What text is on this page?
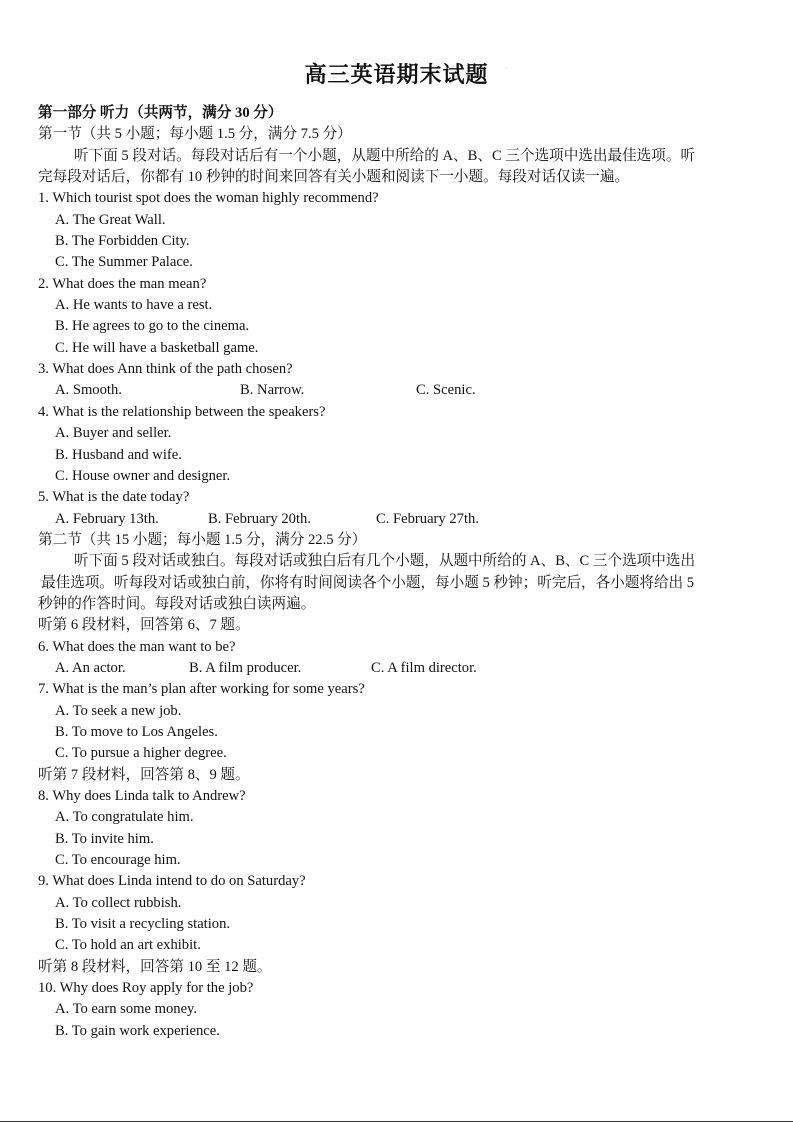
高三英语期末试题	·
第一部分 听力（共两节，满分 30 分）
第一节（共 5 小题；每小题 1.5 分，满分 7.5 分）
听下面 5 段对话。每段对话后有一个小题，从题中所给的 A、B、C 三个选项中选出最佳选项。听
完每段对话后，你都有 10 秒钟的时间来回答有关小题和阅读下一小题。每段对话仅读一遍。
1. Which tourist spot does the woman highly recommend?
A. The Great Wall.
B. The Forbidden City.
C. The Summer Palace.
2. What does the man mean?
A. He wants to have a rest.
B. He agrees to go to the cinema.
C. He will have a basketball game.
3. What does Ann think of the path chosen?
A. Smooth.	B. Narrow.	C. Scenic.
4. What is the relationship between the speakers?
A. Buyer and seller.
B. Husband and wife.
C. House owner and designer.
5. What is the date today?
A. February 13th.	B. February 20th.	C. February 27th.
第二节（共 15 小题；每小题 1.5 分，满分 22.5 分）
听下面 5 段对话或独白。每段对话或独白后有几个小题，从题中所给的 A、B、C 三个选项中选出
最佳选项。听每段对话或独白前，你将有时间阅读各个小题，每小题 5 秒钟；听完后，各小题将给出 5
秒钟的作答时间。每段对话或独白读两遍。
听第 6 段材料，回答第 6、7 题。
6. What does the man want to be?
A. An actor.	B. A film producer.	C. A film director.
7. What is the man’s plan after working for some years?
A. To seek a new job.
B. To move to Los Angeles.
C. To pursue a higher degree.
听第 7 段材料，回答第 8、9 题。
8. Why does Linda talk to Andrew?
A. To congratulate him.
B. To invite him.
C. To encourage him.
9. What does Linda intend to do on Saturday?
A. To collect rubbish.
B. To visit a recycling station.
C. To hold an art exhibit.
听第 8 段材料，回答第 10 至 12 题。
10. Why does Roy apply for the job?
A. To earn some money.
B. To gain work experience.
